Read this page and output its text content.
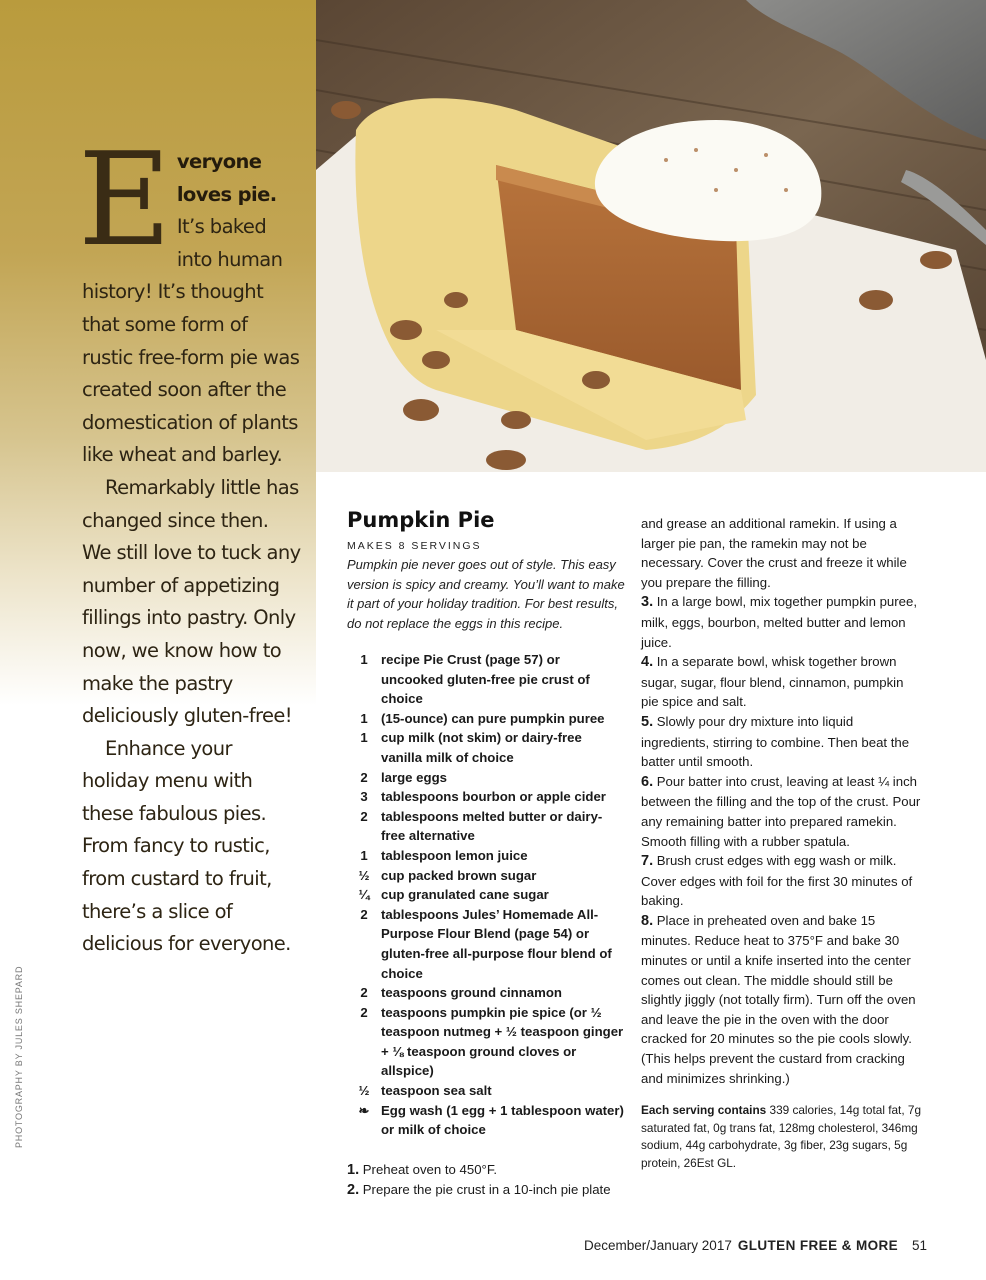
Everyone loves pie. It’s baked into human history! It’s thought that some form of rustic free-form pie was created soon after the domestication of plants like wheat and barley.

Remarkably little has changed since then. We still love to tuck any number of appetizing fillings into pastry. Only now, we know how to make the pastry deliciously gluten-free!

Enhance your holiday menu with these fabulous pies. From fancy to rustic, from custard to fruit, there’s a slice of delicious for everyone.

PHOTOGRAPHY BY JULES SHEPARD
Pumpkin Pie
MAKES 8 SERVINGS
Pumpkin pie never goes out of style. This easy version is spicy and creamy. You’ll want to make it part of your holiday tradition. For best results, do not replace the eggs in this recipe.
1	recipe Pie Crust (page 57) or uncooked gluten-free pie crust of choice
1	(15-ounce) can pure pumpkin puree
1	cup milk (not skim) or dairy-free vanilla milk of choice
2	large eggs
3	tablespoons bourbon or apple cider
2	tablespoons melted butter or dairy-free alternative
1	tablespoon lemon juice
½ cup packed brown sugar
¼ cup granulated cane sugar
2	tablespoons Jules’ Homemade All-Purpose Flour Blend (page 54) or gluten-free all-purpose flour blend of choice
2	teaspoons ground cinnamon
2	teaspoons pumpkin pie spice (or ½ teaspoon nutmeg + ½ teaspoon ginger + ⅛ teaspoon ground cloves or allspice)
½ teaspoon sea salt
❧ Egg wash (1 egg + 1 tablespoon water) or milk of choice
1. Preheat oven to 450°F.
2. Prepare the pie crust in a 10-inch pie plate
and grease an additional ramekin. If using a larger pie pan, the ramekin may not be necessary. Cover the crust and freeze it while you prepare the filling.
3. In a large bowl, mix together pumpkin puree, milk, eggs, bourbon, melted butter and lemon juice.
4. In a separate bowl, whisk together brown sugar, sugar, flour blend, cinnamon, pumpkin pie spice and salt.
5. Slowly pour dry mixture into liquid ingredients, stirring to combine. Then beat the batter until smooth.
6. Pour batter into crust, leaving at least ¼ inch between the filling and the top of the crust. Pour any remaining batter into prepared ramekin. Smooth filling with a rubber spatula.
7. Brush crust edges with egg wash or milk. Cover edges with foil for the first 30 minutes of baking.
8. Place in preheated oven and bake 15 minutes. Reduce heat to 375°F and bake 30 minutes or until a knife inserted into the center comes out clean. The middle should still be slightly jiggly (not totally firm). Turn off the oven and leave the pie in the oven with the door cracked for 20 minutes so the pie cools slowly. (This helps prevent the custard from cracking and minimizes shrinking.)
Each serving contains 339 calories, 14g total fat, 7g saturated fat, 0g trans fat, 128mg cholesterol, 346mg sodium, 44g carbohydrate, 3g fiber, 23g sugars, 5g protein, 26Est GL.
December/January 2017 GLUTEN FREE & MORE 51
